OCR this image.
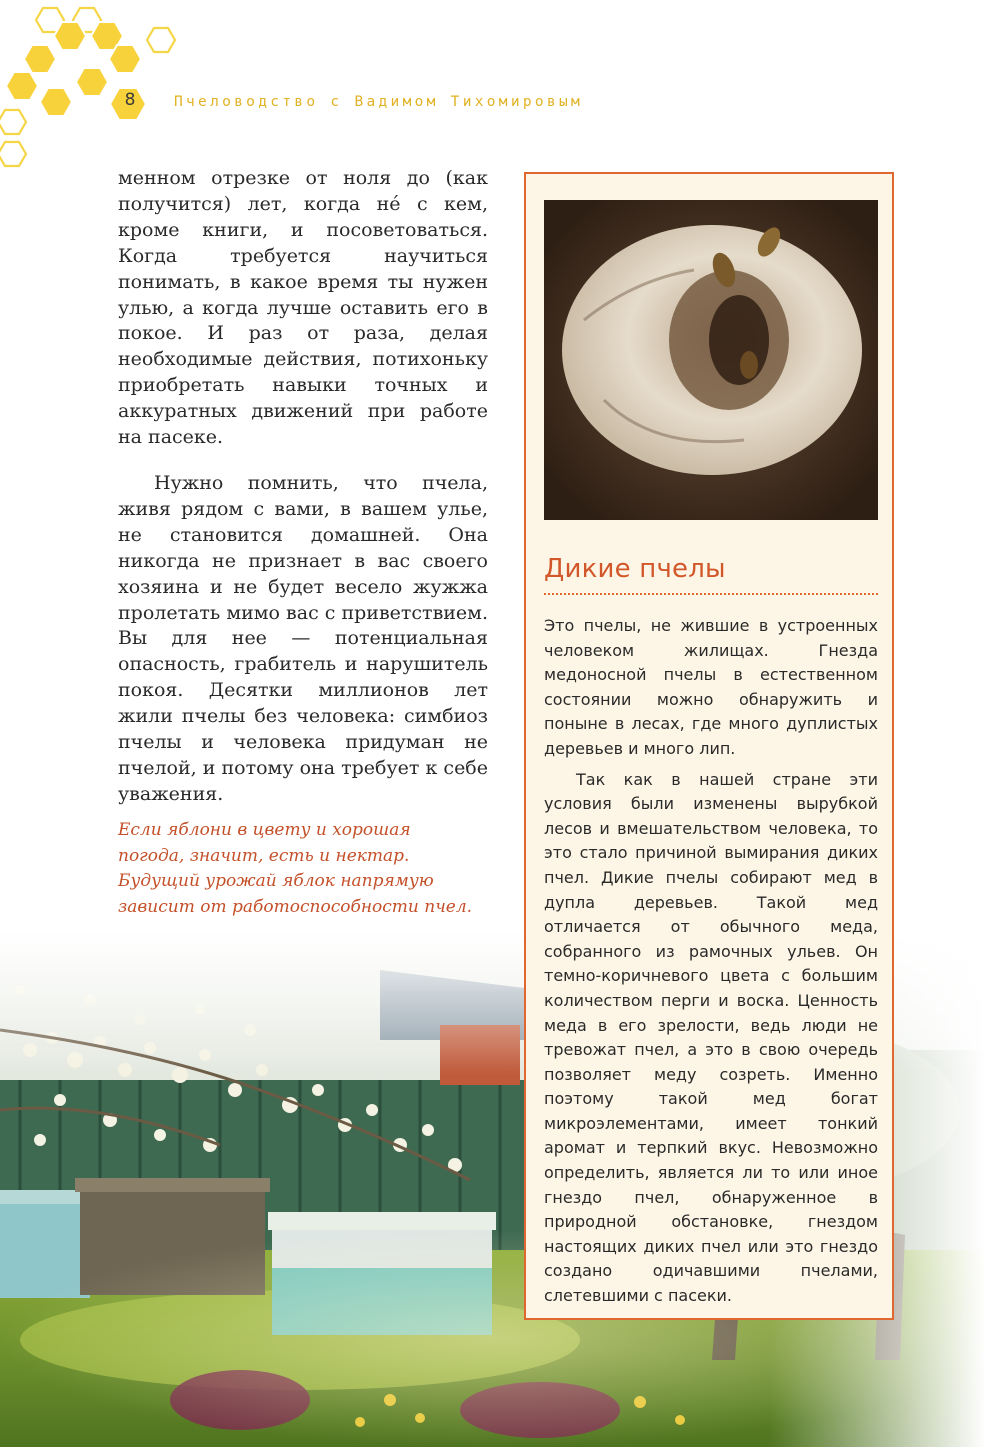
8	Пчеловодство с Вадимом Тихомировым

менном отрезке от ноля до (как получится) лет, когда не́ с кем, кроме книги, и посоветоваться. Когда требуется научиться понимать, в какое время ты нужен улью, а когда лучше оставить его в покое. И раз от раза, делая необходимые действия, потихоньку приобретать навыки точных и аккуратных движений при работе на пасеке.

Нужно помнить, что пчела, живя рядом с вами, в вашем улье, не становится домашней. Она никогда не признает в вас своего хозяина и не будет весело жужжа пролетать мимо вас с приветствием. Вы для нее — потенциальная опасность, грабитель и нарушитель покоя. Десятки миллионов лет жили пчелы без человека: симбиоз пчелы и человека придуман не пчелой, и потому она требует к себе уважения.

Если яблони в цвету и хорошая
погода, значит, есть и нектар.
Будущий урожай яблок напрямую
зависит от работоспособности пчел.
Дикие пчелы

Это пчелы, не жившие в устроенных человеком жилищах. Гнезда медоносной пчелы в естественном состоянии можно обнаружить и поныне в лесах, где много дуплистых деревьев и много лип.

Так как в нашей стране эти условия были изменены вырубкой лесов и вмешательством человека, то это стало причиной вымирания диких пчел. Дикие пчелы собирают мед в дупла деревьев. Такой мед отличается от обычного меда, собранного из рамочных ульев. Он темно-коричневого цвета с большим количеством перги и воска. Ценность меда в его зрелости, ведь люди не тревожат пчел, а это в свою очередь позволяет меду созреть. Именно поэтому такой мед богат микроэлементами, имеет тонкий аромат и терпкий вкус. Невозможно определить, является ли то или иное гнездо пчел, обнаруженное в природной обстановке, гнездом настоящих диких пчел или это гнездо создано одичавшими пчелами, слетевшими с пасеки.
